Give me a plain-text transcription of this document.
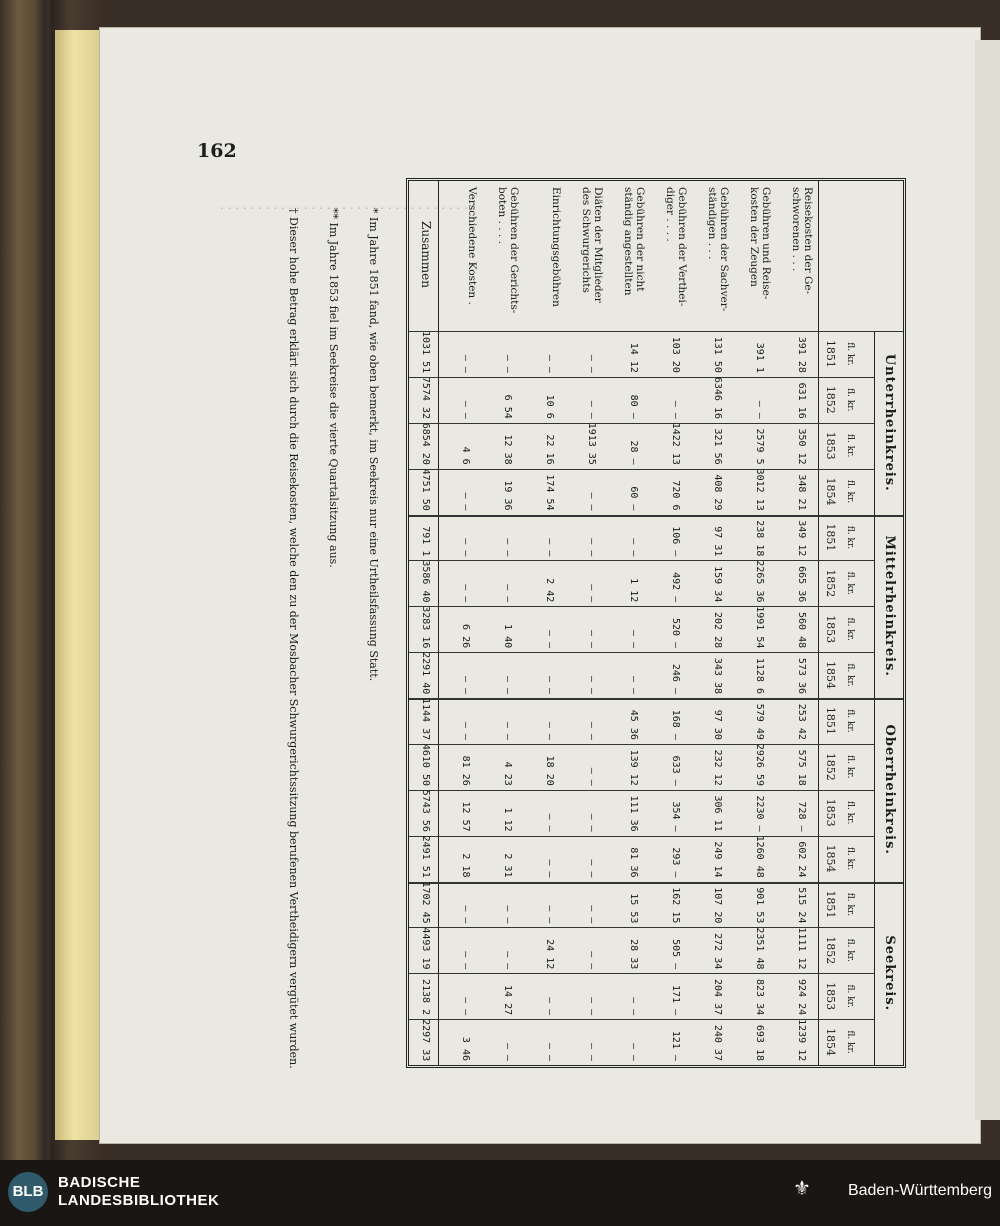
. . . . . . . . . . . . . . . . . . . . . . . . . . . . . . . . . .
162
Unterrheinkreis.
Mittelrheinkreis.
Oberrheinkreis.
Seekreis.
1851 fl. kr.
1852 fl. kr.
1853 fl. kr.
1854 fl. kr.
1851 fl. kr.
1852 fl. kr.
1853 fl. kr.
1854 fl. kr.
1851 fl. kr.
1852 fl. kr.
1853 fl. kr.
1854 fl. kr.
1851 fl. kr.
1852 fl. kr.
1853 fl. kr.
1854 fl. kr.
Reisekosten der Ge-
schworenen . . .
391 28
631 16
350 12
348 21
349 12
665 36
560 48
573 36
253 42
575 18
728 —
602 24
515 24
1111 12
924 24
1239 12
Gebühren und Reise-
kosten der Zeugen
391 1
— —
2579 5
3012 13
238 18
2265 36
1991 54
1128 6
579 49
2926 59
2230 —
1260 48
901 53
2351 48
823 34
693 18
Gebühren der Sachver-
ständigen . . .
131 50
6346 16
321 56
408 29
97 31
159 34
202 28
343 38
97 30
232 12
306 11
249 14
107 20
272 34
204 37
240 37
Gebühren der Verthei-
diger . . . .
103 20
— —
1422 13
720 6
106 —
492 —
520 —
246 —
168 —
633 —
354 —
293 —
162 15
505 —
171 —
121 —
Gebühren der nicht
ständig angestellten
14 12
80 —
28 —
60 —
— —
1 12
— —
— —
45 36
139 12
111 36
81 36
15 53
28 33
— —
— —
Diäten der Mitglieder
des Schwurgerichts
— —
— —
1913 35
— —
— —
— —
— —
— —
— —
— —
— —
— —
— —
— —
— —
— —
Einrichtungsgebühren
— —
10 6
22 16
174 54
— —
2 42
— —
— —
— —
18 20
— —
— —
— —
24 12
— —
— —
Gebühren der Gerichts-
boten . . . .
— —
6 54
12 38
19 36
— —
— —
1 40
— —
— —
4 23
1 12
2 31
— —
— —
14 27
— —
Verschiedene Kosten .
— —
— —
4 6
— —
— —
— —
6 26
— —
— —
81 26
12 57
2 18
— —
— —
— —
3 46
Zusammen
1031 51
7574 32
6854 20
4751 50
791 1
3586 40
3283 16
2291 40
1144 37
4610 50
5743 56
2491 51
1702 45
4493 19
2138 2
2297 33
* Im Jahre 1851 fand, wie oben bemerkt, im Seekreis nur eine Urtheilsfassung Statt.
** Im Jahre 1853 fiel im Seekreise die vierte Quartalsitzung aus.
† Dieser hohe Betrag erklärt sich durch die Reisekosten, welche den zu der Mosbacher Schwurgerichtssitzung berufenen Vertheidigern vergütet wurden.
BLB
BADISCHE
LANDESBIBLIOTHEK
⚜	Baden-Württemberg
